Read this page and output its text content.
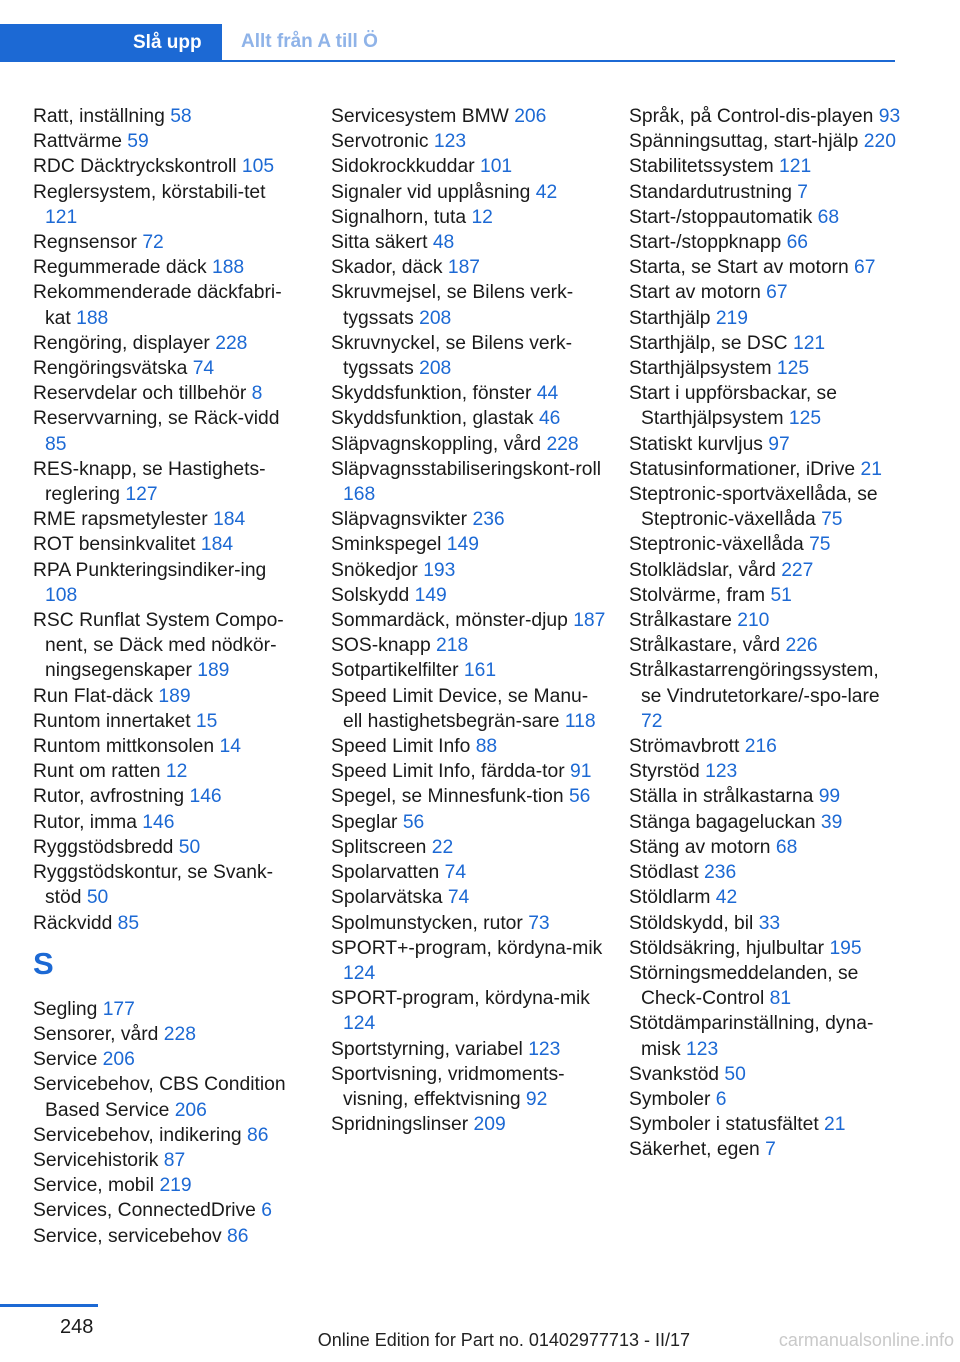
Slå upp	Allt från A till Ö
Ratt, inställning 58
Rattvärme 59
RDC Däcktryckskontroll 105
Reglersystem, körstabili-tet 121
Regnsensor 72
Regummerade däck 188
Rekommenderade däckfabri-kat 188
Rengöring, displayer 228
Rengöringsvätska 74
Reservdelar och tillbehör 8
Reservvarning, se Räck-vidd 85
RES-knapp, se Hastighets-reglering 127
RME rapsmetylester 184
ROT bensinkvalitet 184
RPA Punkteringsindiker-ing 108
RSC Runflat System Compo-nent, se Däck med nödkör-ningsegenskaper 189
Run Flat-däck 189
Runtom innertaket 15
Runtom mittkonsolen 14
Runt om ratten 12
Rutor, avfrostning 146
Rutor, imma 146
Ryggstödsbredd 50
Ryggstödskontur, se Svank-stöd 50
Räckvidd 85
S
Segling 177
Sensorer, vård 228
Service 206
Servicebehov, CBS Condition Based Service 206
Servicebehov, indikering 86
Servicehistorik 87
Service, mobil 219
Services, ConnectedDrive 6
Service, servicebehov 86
Servicesystem BMW 206
Servotronic 123
Sidokrockkuddar 101
Signaler vid upplåsning 42
Signalhorn, tuta 12
Sitta säkert 48
Skador, däck 187
Skruvmejsel, se Bilens verk-tygssats 208
Skruvnyckel, se Bilens verk-tygssats 208
Skyddsfunktion, fönster 44
Skyddsfunktion, glastak 46
Släpvagnskoppling, vård 228
Släpvagnsstabiliseringskont-roll 168
Släpvagnsvikter 236
Sminkspegel 149
Snökedjor 193
Solskydd 149
Sommardäck, mönster-djup 187
SOS-knapp 218
Sotpartikelfilter 161
Speed Limit Device, se Manu-ell hastighetsbegrän-sare 118
Speed Limit Info 88
Speed Limit Info, färdda-tor 91
Spegel, se Minnesfunk-tion 56
Speglar 56
Splitscreen 22
Spolarvatten 74
Spolarvätska 74
Spolmunstycken, rutor 73
SPORT+-program, kördyna-mik 124
SPORT-program, kördyna-mik 124
Sportstyrning, variabel 123
Sportvisning, vridmoments-visning, effektvisning 92
Spridningslinser 209
Språk, på Control-dis-playen 93
Spänningsuttag, start-hjälp 220
Stabilitetssystem 121
Standardutrustning 7
Start-/stoppautomatik 68
Start-/stoppknapp 66
Starta, se Start av motorn 67
Start av motorn 67
Starthjälp 219
Starthjälp, se DSC 121
Starthjälpsystem 125
Start i uppförsbackar, se Starthjälpsystem 125
Statiskt kurvljus 97
Statusinformationer, iDrive 21
Steptronic-sportväxellåda, se Steptronic-växellåda 75
Steptronic-växellåda 75
Stolklädslar, vård 227
Stolvärme, fram 51
Strålkastare 210
Strålkastare, vård 226
Strålkastarrengöringssystem, se Vindrutetorkare/-spo-lare 72
Strömavbrott 216
Styrstöd 123
Ställa in strålkastarna 99
Stänga bagageluckan 39
Stäng av motorn 68
Stödlast 236
Stöldlarm 42
Stöldskydd, bil 33
Stöldsäkring, hjulbultar 195
Störningsmeddelanden, se Check-Control 81
Stötdämparinställning, dyna-misk 123
Svankstöd 50
Symboler 6
Symboler i statusfältet 21
Säkerhet, egen 7
248
Online Edition for Part no. 01402977713 - II/17	carmanualsonline.info
